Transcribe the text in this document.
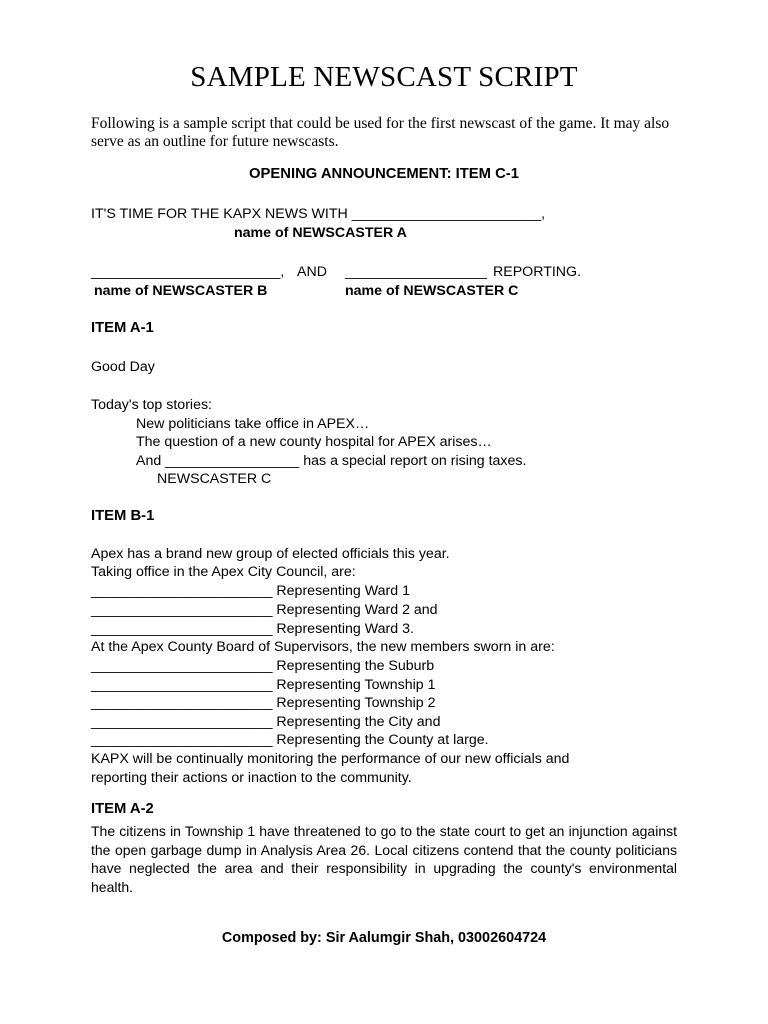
SAMPLE NEWSCAST SCRIPT
Following is a sample script that could be used for the first newscast of the game. It may also serve as an outline for future newscasts.
OPENING ANNOUNCEMENT: ITEM C-1
IT'S TIME FOR THE KAPX NEWS WITH ________________________,
name of NEWSCASTER A
________________________, AND __________________ REPORTING.
name of NEWSCASTER B	name of NEWSCASTER C
ITEM A-1
Good Day
Today's top stories:
New politicians take office in APEX…
The question of a new county hospital for APEX arises…
And _________________ has a special report on rising taxes.
NEWSCASTER C
ITEM B-1
Apex has a brand new group of elected officials this year.
Taking office in the Apex City Council, are:
_______________________ Representing Ward 1
_______________________ Representing Ward 2 and
_______________________ Representing Ward 3.
At the Apex County Board of Supervisors, the new members sworn in are:
_______________________ Representing the Suburb
_______________________ Representing Township 1
_______________________ Representing Township 2
_______________________ Representing the City and
_______________________ Representing the County at large.
KAPX will be continually monitoring the performance of our new officials and
reporting their actions or inaction to the community.
ITEM A-2
The citizens in Township 1 have threatened to go to the state court to get an injunction against the open garbage dump in Analysis Area 26. Local citizens contend that the county politicians have neglected the area and their responsibility in upgrading the county's environmental health.
Composed by: Sir Aalumgir Shah, 03002604724
